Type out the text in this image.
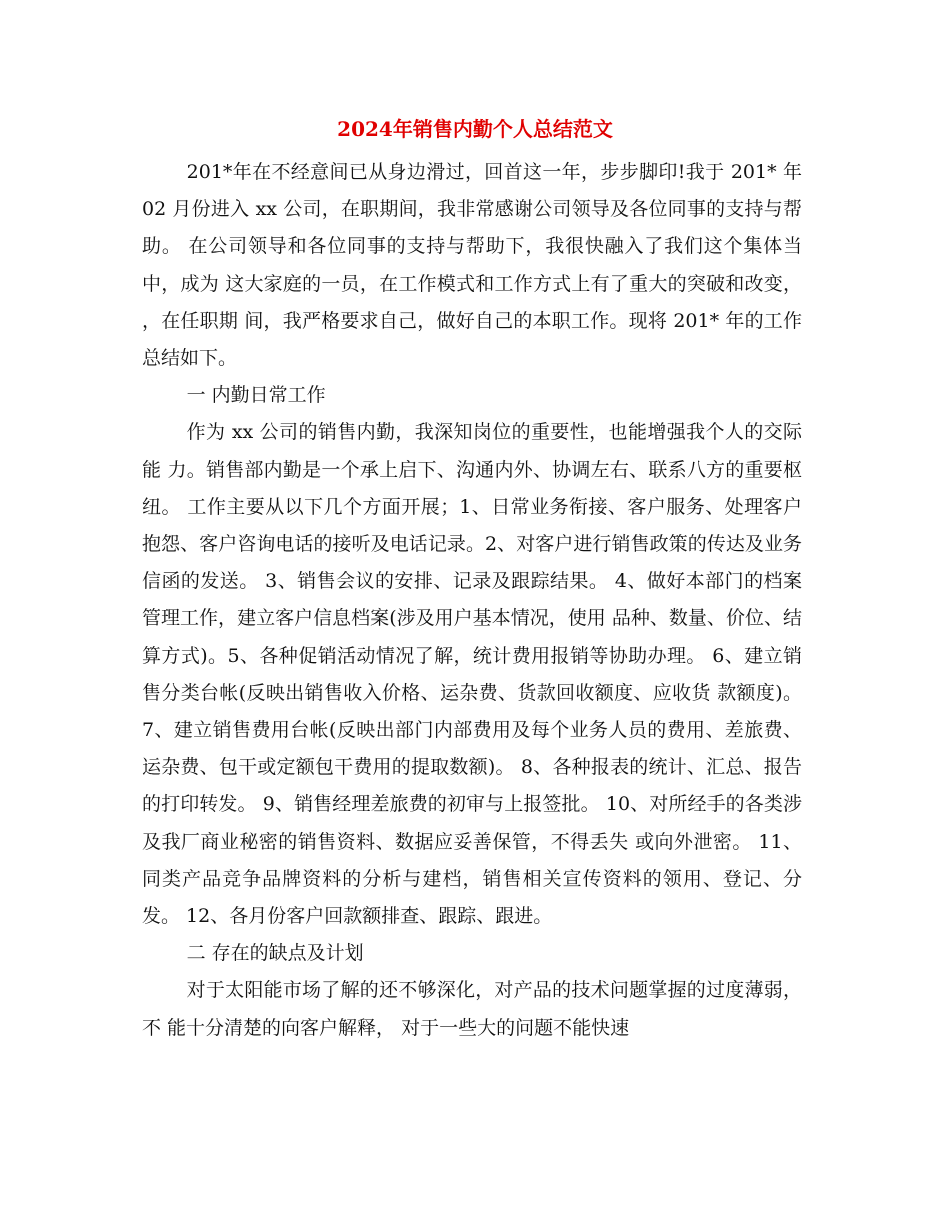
2024年销售内勤个人总结范文

201*年在不经意间已从身边滑过，回首这一年，步步脚印!我于 201* 年 02 月份进入 xx 公司，在职期间，我非常感谢公司领导及各位同事的支持与帮助。 在公司领导和各位同事的支持与帮助下，我很快融入了我们这个集体当中，成为 这大家庭的一员，在工作模式和工作方式上有了重大的突破和改变， ，在任职期 间，我严格要求自己，做好自己的本职工作。现将 201* 年的工作总结如下。

一 内勤日常工作

作为 xx 公司的销售内勤，我深知岗位的重要性，也能增强我个人的交际能 力。销售部内勤是一个承上启下、沟通内外、协调左右、联系八方的重要枢纽。 工作主要从以下几个方面开展；1、日常业务衔接、客户服务、处理客户抱怨、客户咨询电话的接听及电话记录。2、对客户进行销售政策的传达及业务信函的发送。 3、销售会议的安排、记录及跟踪结果。 4、做好本部门的档案管理工作，建立客户信息档案(涉及用户基本情况，使用 品种、数量、价位、结算方式)。5、各种促销活动情况了解，统计费用报销等协助办理。 6、建立销售分类台帐(反映出销售收入价格、运杂费、货款回收额度、应收货 款额度)。 7、建立销售费用台帐(反映出部门内部费用及每个业务人员的费用、差旅费、 运杂费、包干或定额包干费用的提取数额)。 8、各种报表的统计、汇总、报告的打印转发。 9、销售经理差旅费的初审与上报签批。 10、对所经手的各类涉及我厂商业秘密的销售资料、数据应妥善保管，不得丢失 或向外泄密。 11、同类产品竞争品牌资料的分析与建档，销售相关宣传资料的领用、登记、分 发。 12、各月份客户回款额排查、跟踪、跟进。

二 存在的缺点及计划

对于太阳能市场了解的还不够深化，对产品的技术问题掌握的过度薄弱，不 能十分清楚的向客户解释， 对于一些大的问题不能快速
